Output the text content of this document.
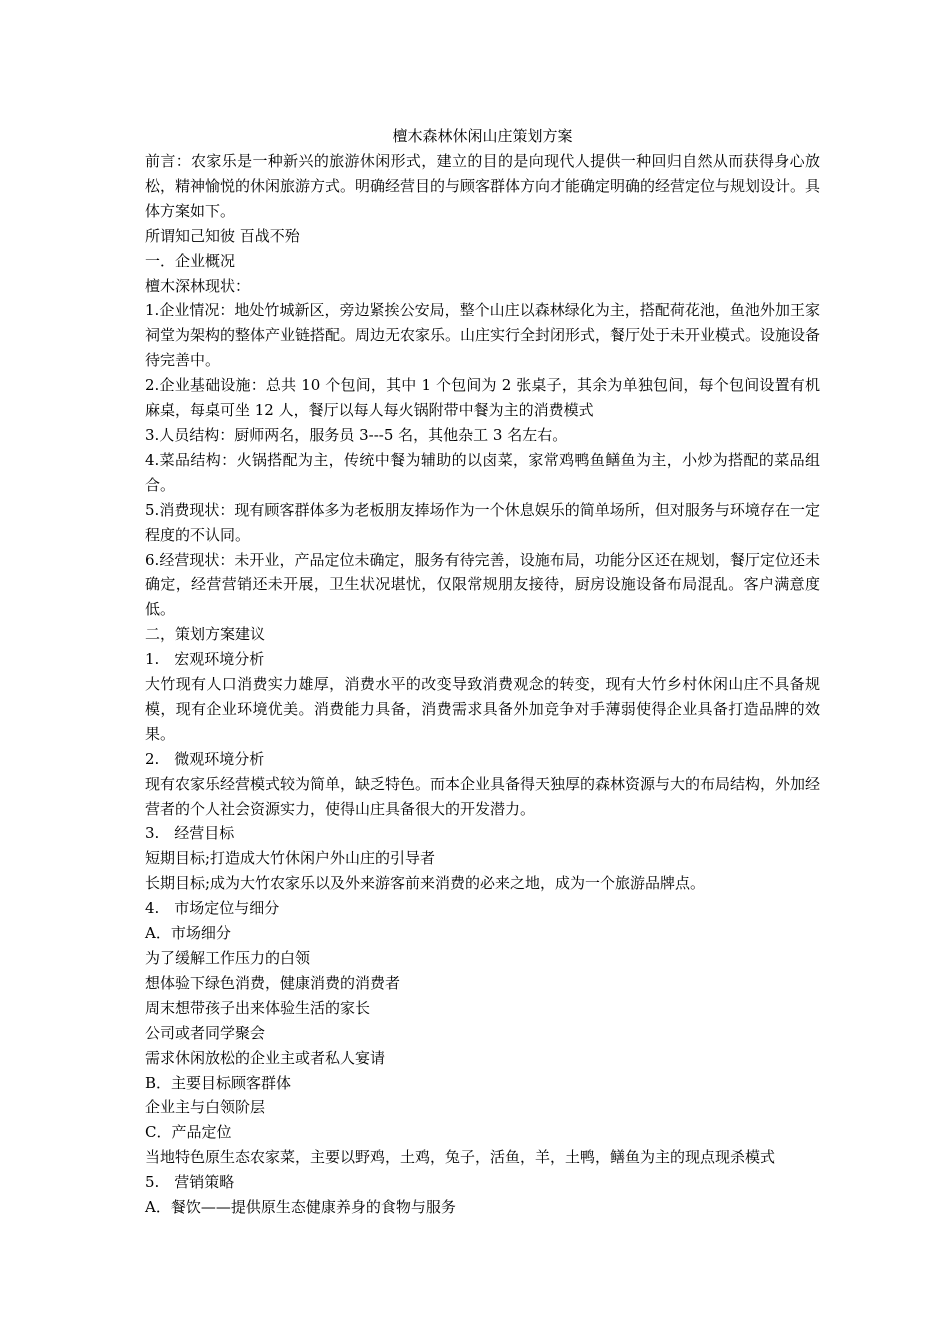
檀木森林休闲山庄策划方案
前言：农家乐是一种新兴的旅游休闲形式，建立的目的是向现代人提供一种回归自然从而获得身心放松，精神愉悦的休闲旅游方式。明确经营目的与顾客群体方向才能确定明确的经营定位与规划设计。具体方案如下。
所谓知己知彼 百战不殆
一．企业概况
檀木深林现状：
1.企业情况：地处竹城新区，旁边紧挨公安局，整个山庄以森林绿化为主，搭配荷花池，鱼池外加王家祠堂为架构的整体产业链搭配。周边无农家乐。山庄实行全封闭形式，餐厅处于未开业模式。设施设备待完善中。
2.企业基础设施：总共 10 个包间，其中 1 个包间为 2 张桌子，其余为单独包间，每个包间设置有机麻桌，每桌可坐 12 人，餐厅以每人每火锅附带中餐为主的消费模式
3.人员结构：厨师两名，服务员 3---5 名，其他杂工 3 名左右。
4.菜品结构：火锅搭配为主，传统中餐为辅助的以卤菜，家常鸡鸭鱼鳝鱼为主，小炒为搭配的菜品组合。
5.消费现状：现有顾客群体多为老板朋友捧场作为一个休息娱乐的简单场所，但对服务与环境存在一定程度的不认同。
6.经营现状：未开业，产品定位未确定，服务有待完善，设施布局，功能分区还在规划，餐厅定位还未确定，经营营销还未开展，卫生状况堪忧，仅限常规朋友接待，厨房设施设备布局混乱。客户满意度低。
二，策划方案建议
1.　宏观环境分析
大竹现有人口消费实力雄厚，消费水平的改变导致消费观念的转变，现有大竹乡村休闲山庄不具备规模，现有企业环境优美。消费能力具备，消费需求具备外加竞争对手薄弱使得企业具备打造品牌的效果。
2.　微观环境分析
现有农家乐经营模式较为简单，缺乏特色。而本企业具备得天独厚的森林资源与大的布局结构，外加经营者的个人社会资源实力，使得山庄具备很大的开发潜力。
3.　经营目标
短期目标;打造成大竹休闲户外山庄的引导者
长期目标;成为大竹农家乐以及外来游客前来消费的必来之地，成为一个旅游品牌点。
4.　市场定位与细分
A．市场细分
为了缓解工作压力的白领
想体验下绿色消费，健康消费的消费者
周末想带孩子出来体验生活的家长
公司或者同学聚会
需求休闲放松的企业主或者私人宴请
B．主要目标顾客群体
企业主与白领阶层
C．产品定位
当地特色原生态农家菜，主要以野鸡，土鸡，兔子，活鱼，羊，土鸭，鳝鱼为主的现点现杀模式
5.　营销策略
A．餐饮——提供原生态健康养身的食物与服务
